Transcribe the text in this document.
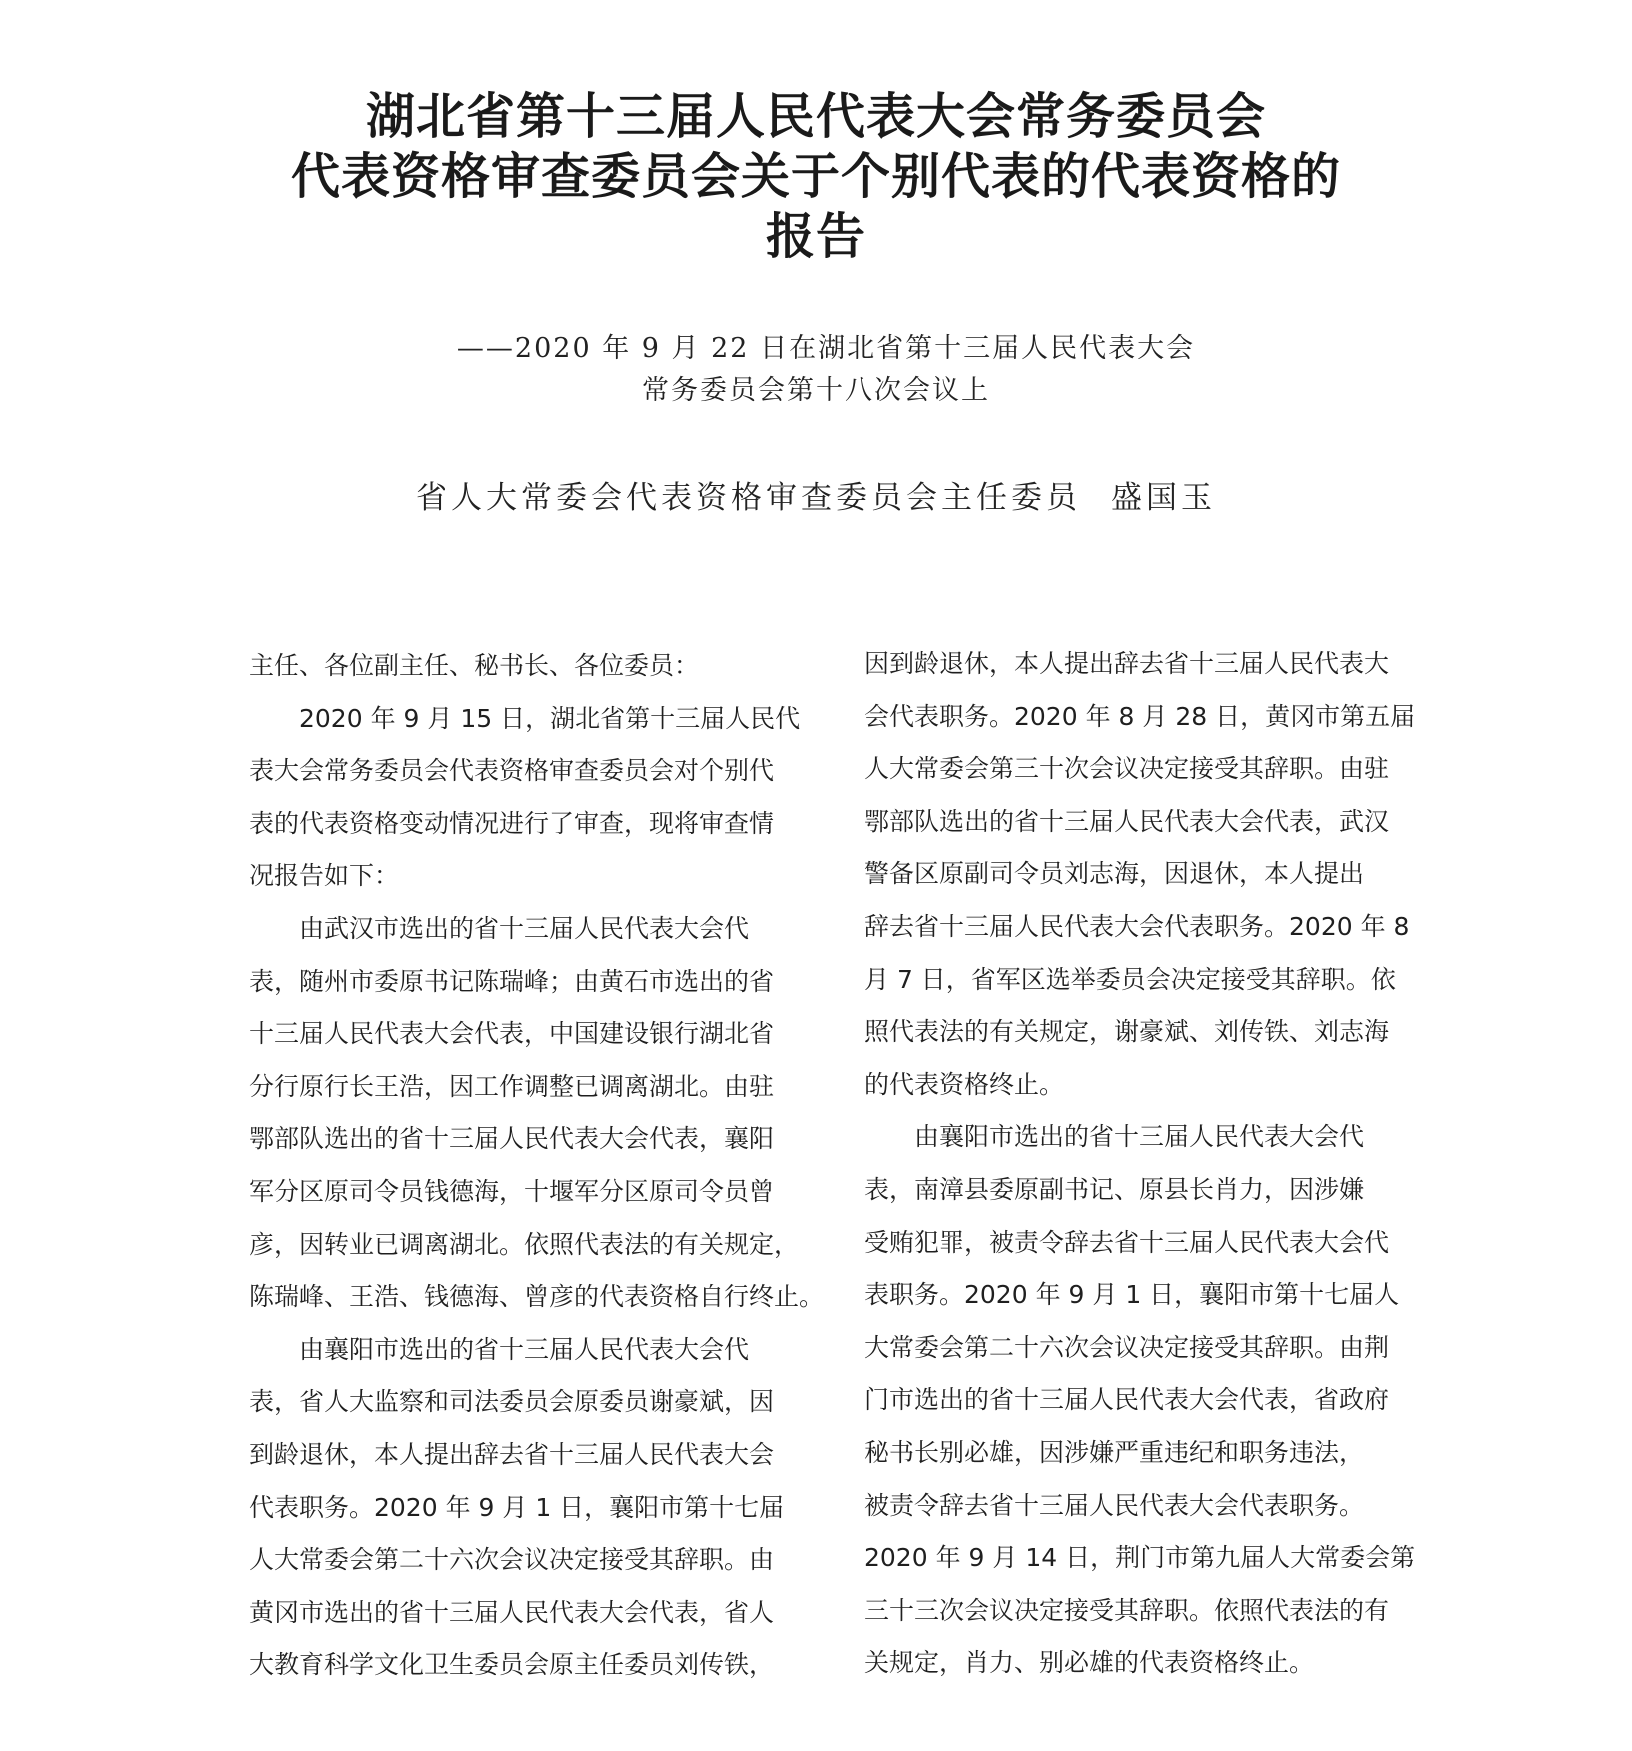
湖北省第十三届人民代表大会常务委员会
代表资格审查委员会关于个别代表的代表资格的
报告
——2020 年 9 月 22 日在湖北省第十三届人民代表大会
常务委员会第十八次会议上
省人大常委会代表资格审查委员会主任委员 盛国玉
主任、各位副主任、秘书长、各位委员：
2020 年 9 月 15 日，湖北省第十三届人民代
表大会常务委员会代表资格审查委员会对个别代
表的代表资格变动情况进行了审查，现将审查情
况报告如下：
由武汉市选出的省十三届人民代表大会代
表，随州市委原书记陈瑞峰；由黄石市选出的省
十三届人民代表大会代表，中国建设银行湖北省
分行原行长王浩，因工作调整已调离湖北。由驻
鄂部队选出的省十三届人民代表大会代表，襄阳
军分区原司令员钱德海，十堰军分区原司令员曾
彦，因转业已调离湖北。依照代表法的有关规定，
陈瑞峰、王浩、钱德海、曾彦的代表资格自行终止。
由襄阳市选出的省十三届人民代表大会代
表，省人大监察和司法委员会原委员谢豪斌，因
到龄退休，本人提出辞去省十三届人民代表大会
代表职务。2020 年 9 月 1 日，襄阳市第十七届
人大常委会第二十六次会议决定接受其辞职。由
黄冈市选出的省十三届人民代表大会代表，省人
大教育科学文化卫生委员会原主任委员刘传铁，
因到龄退休，本人提出辞去省十三届人民代表大
会代表职务。2020 年 8 月 28 日，黄冈市第五届
人大常委会第三十次会议决定接受其辞职。由驻
鄂部队选出的省十三届人民代表大会代表，武汉
警备区原副司令员刘志海，因退休，本人提出
辞去省十三届人民代表大会代表职务。2020 年 8
月 7 日，省军区选举委员会决定接受其辞职。依
照代表法的有关规定，谢豪斌、刘传铁、刘志海
的代表资格终止。
由襄阳市选出的省十三届人民代表大会代
表，南漳县委原副书记、原县长肖力，因涉嫌
受贿犯罪，被责令辞去省十三届人民代表大会代
表职务。2020 年 9 月 1 日，襄阳市第十七届人
大常委会第二十六次会议决定接受其辞职。由荆
门市选出的省十三届人民代表大会代表，省政府
秘书长别必雄，因涉嫌严重违纪和职务违法，
被责令辞去省十三届人民代表大会代表职务。
2020 年 9 月 14 日，荆门市第九届人大常委会第
三十三次会议决定接受其辞职。依照代表法的有
关规定，肖力、别必雄的代表资格终止。
